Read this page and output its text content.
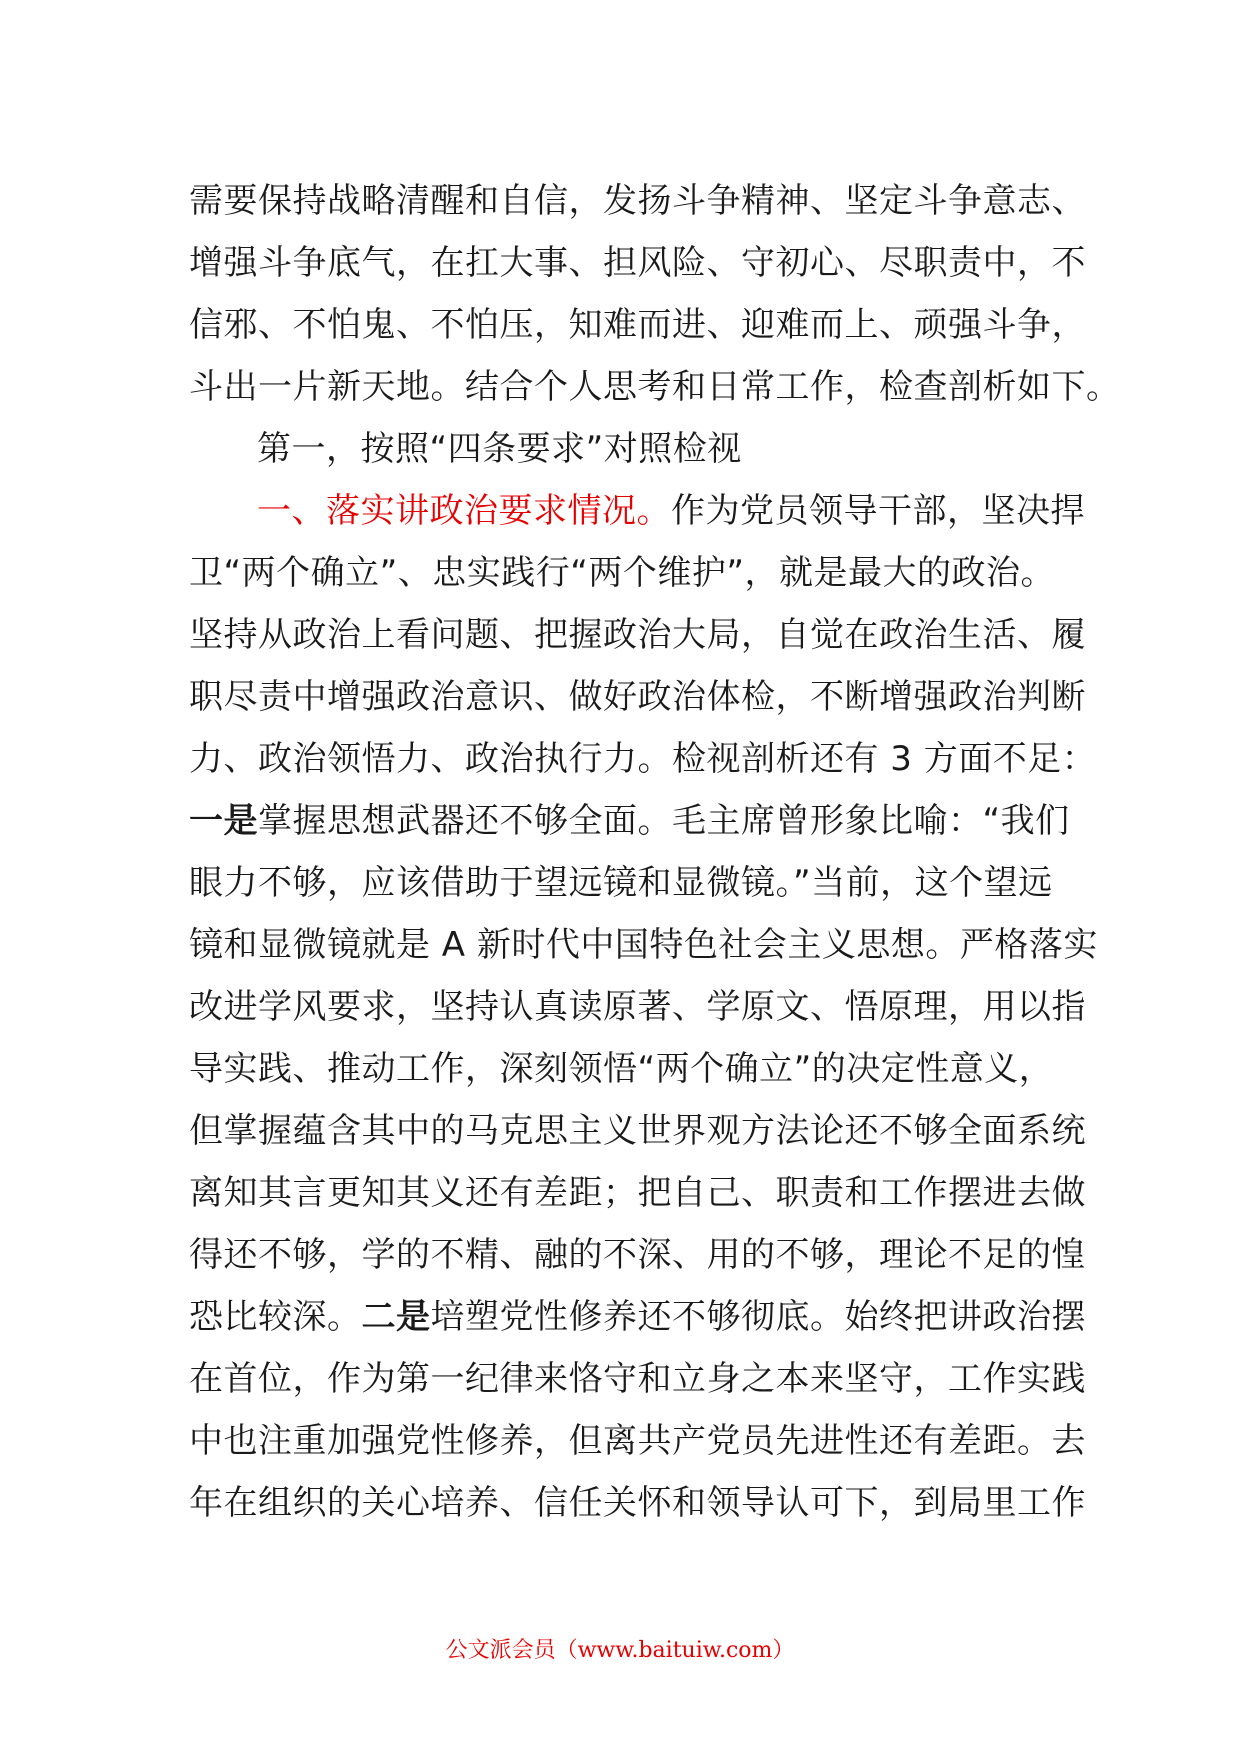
需要保持战略清醒和自信，发扬斗争精神、坚定斗争意志、
增强斗争底气，在扛大事、担风险、守初心、尽职责中，不
信邪、不怕鬼、不怕压，知难而进、迎难而上、顽强斗争，
斗出一片新天地。结合个人思考和日常工作，检查剖析如下。
第一，按照“四条要求”对照检视
一、落实讲政治要求情况。作为党员领导干部，坚决捍
卫“两个确立”、忠实践行“两个维护”，就是最大的政治。
坚持从政治上看问题、把握政治大局，自觉在政治生活、履
职尽责中增强政治意识、做好政治体检，不断增强政治判断
力、政治领悟力、政治执行力。检视剖析还有 3 方面不足：
一是掌握思想武器还不够全面。毛主席曾形象比喻：“我们
眼力不够，应该借助于望远镜和显微镜。”当前，这个望远
镜和显微镜就是 A 新时代中国特色社会主义思想。严格落实
改进学风要求，坚持认真读原著、学原文、悟原理，用以指
导实践、推动工作，深刻领悟“两个确立”的决定性意义，
但掌握蕴含其中的马克思主义世界观方法论还不够全面系统
离知其言更知其义还有差距；把自己、职责和工作摆进去做
得还不够，学的不精、融的不深、用的不够，理论不足的惶
恐比较深。二是培塑党性修养还不够彻底。始终把讲政治摆
在首位，作为第一纪律来恪守和立身之本来坚守，工作实践
中也注重加强党性修养，但离共产党员先进性还有差距。去
年在组织的关心培养、信任关怀和领导认可下，到局里工作
公文派会员（www.baituiw.com）
